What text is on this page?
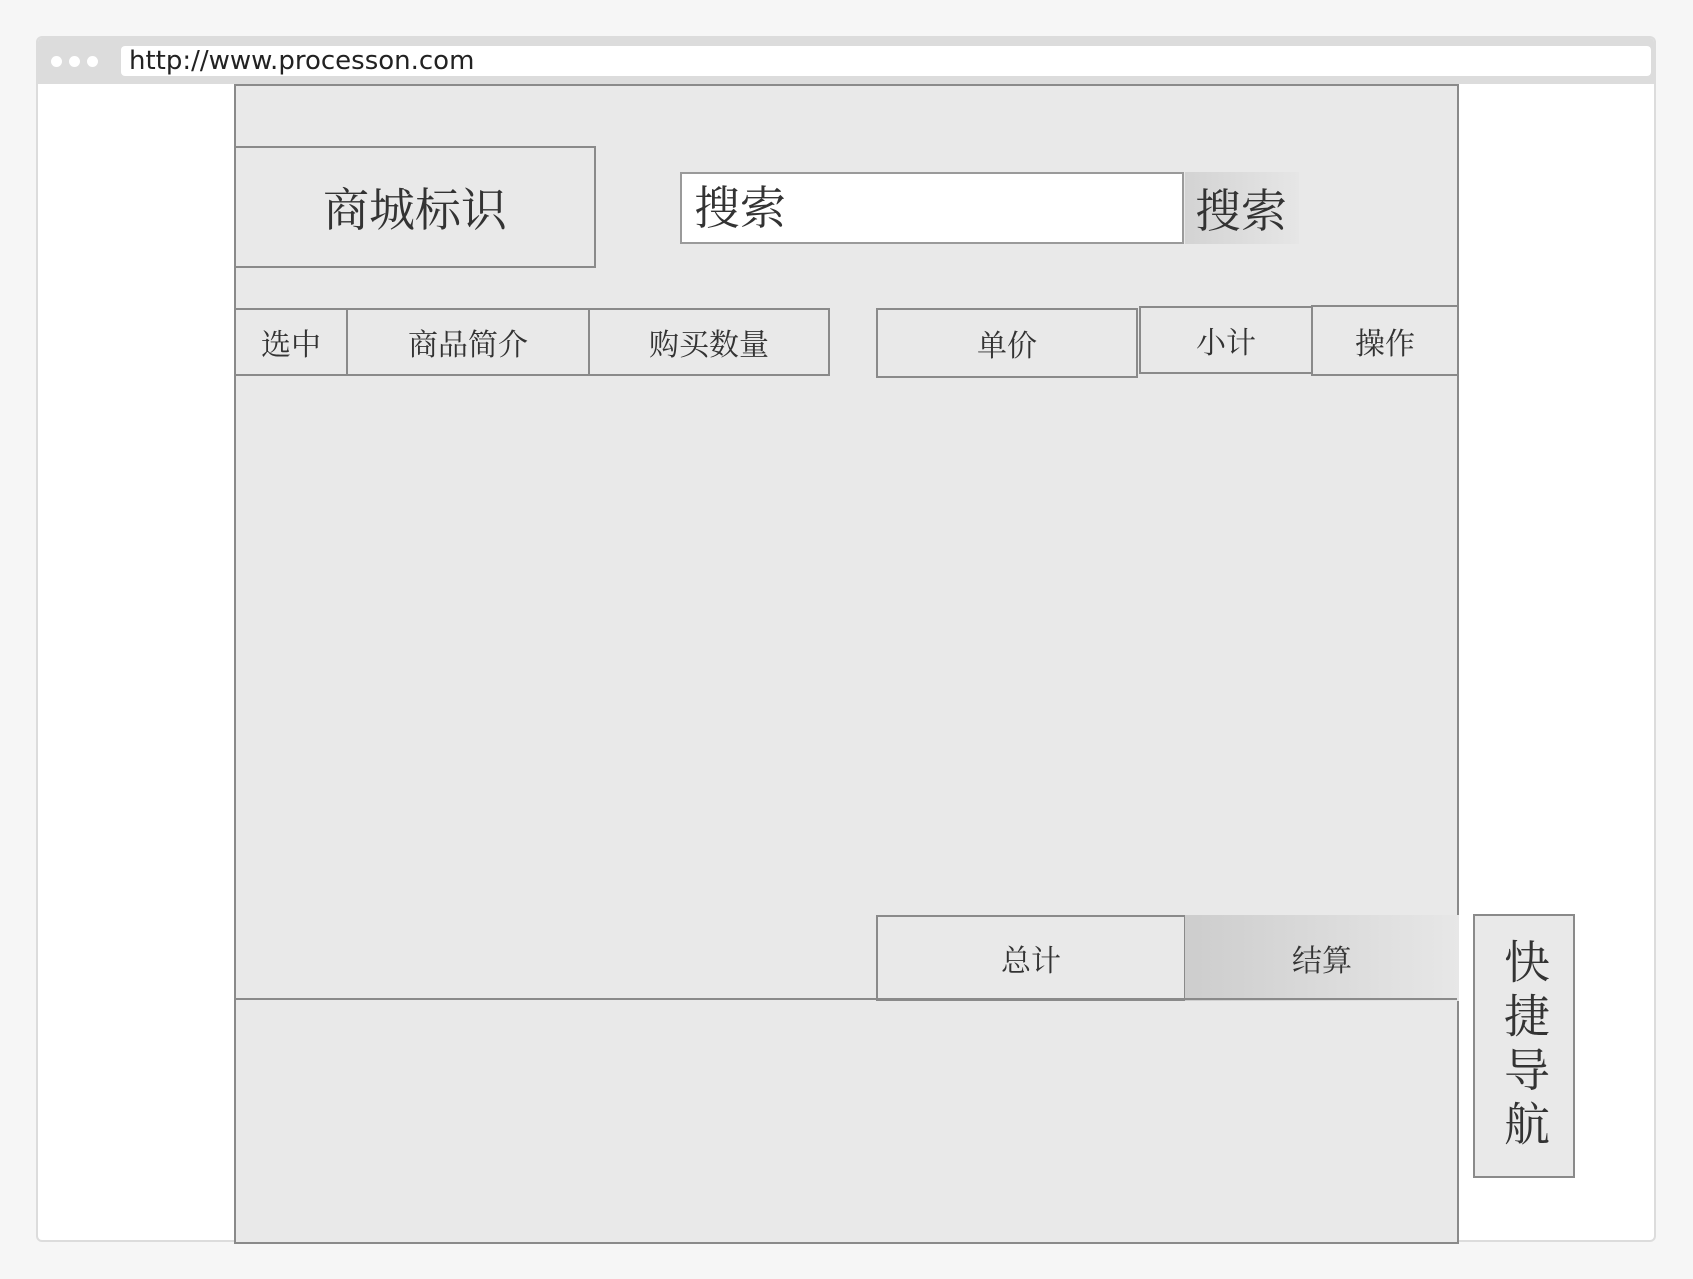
http://www.processon.com
商城标识
搜索	搜索
选中	商品简介	购买数量	单价	小计	操作
总计	结算	快捷导航
